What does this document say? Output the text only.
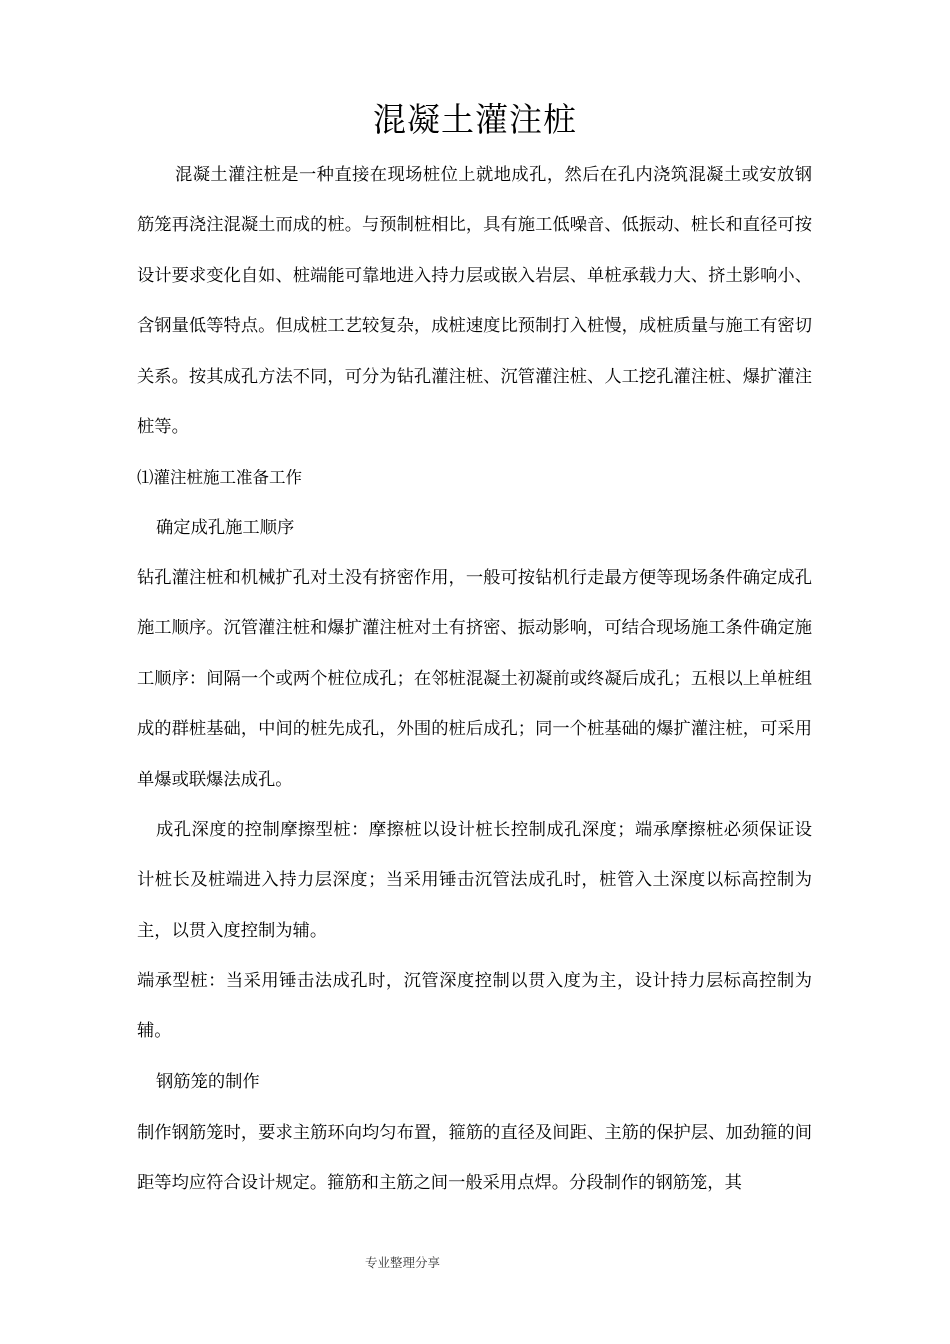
混凝土灌注桩

混凝土灌注桩是一种直接在现场桩位上就地成孔，然后在孔内浇筑混凝土或安放钢筋笼再浇注混凝土而成的桩。与预制桩相比，具有施工低噪音、低振动、桩长和直径可按设计要求变化自如、桩端能可靠地进入持力层或嵌入岩层、单桩承载力大、挤土影响小、含钢量低等特点。但成桩工艺较复杂，成桩速度比预制打入桩慢，成桩质量与施工有密切关系。按其成孔方法不同，可分为钻孔灌注桩、沉管灌注桩、人工挖孔灌注桩、爆扩灌注桩等。

⑴灌注桩施工准备工作

确定成孔施工顺序

钻孔灌注桩和机械扩孔对土没有挤密作用，一般可按钻机行走最方便等现场条件确定成孔施工顺序。沉管灌注桩和爆扩灌注桩对土有挤密、振动影响，可结合现场施工条件确定施工顺序：间隔一个或两个桩位成孔；在邻桩混凝土初凝前或终凝后成孔；五根以上单桩组成的群桩基础，中间的桩先成孔，外围的桩后成孔；同一个桩基础的爆扩灌注桩，可采用单爆或联爆法成孔。

成孔深度的控制摩擦型桩：摩擦桩以设计桩长控制成孔深度；端承摩擦桩必须保证设计桩长及桩端进入持力层深度；当采用锤击沉管法成孔时，桩管入土深度以标高控制为主，以贯入度控制为辅。

端承型桩：当采用锤击法成孔时，沉管深度控制以贯入度为主，设计持力层标高控制为辅。

钢筋笼的制作

制作钢筋笼时，要求主筋环向均匀布置，箍筋的直径及间距、主筋的保护层、加劲箍的间距等均应符合设计规定。箍筋和主筋之间一般采用点焊。分段制作的钢筋笼，其

专业整理分享
